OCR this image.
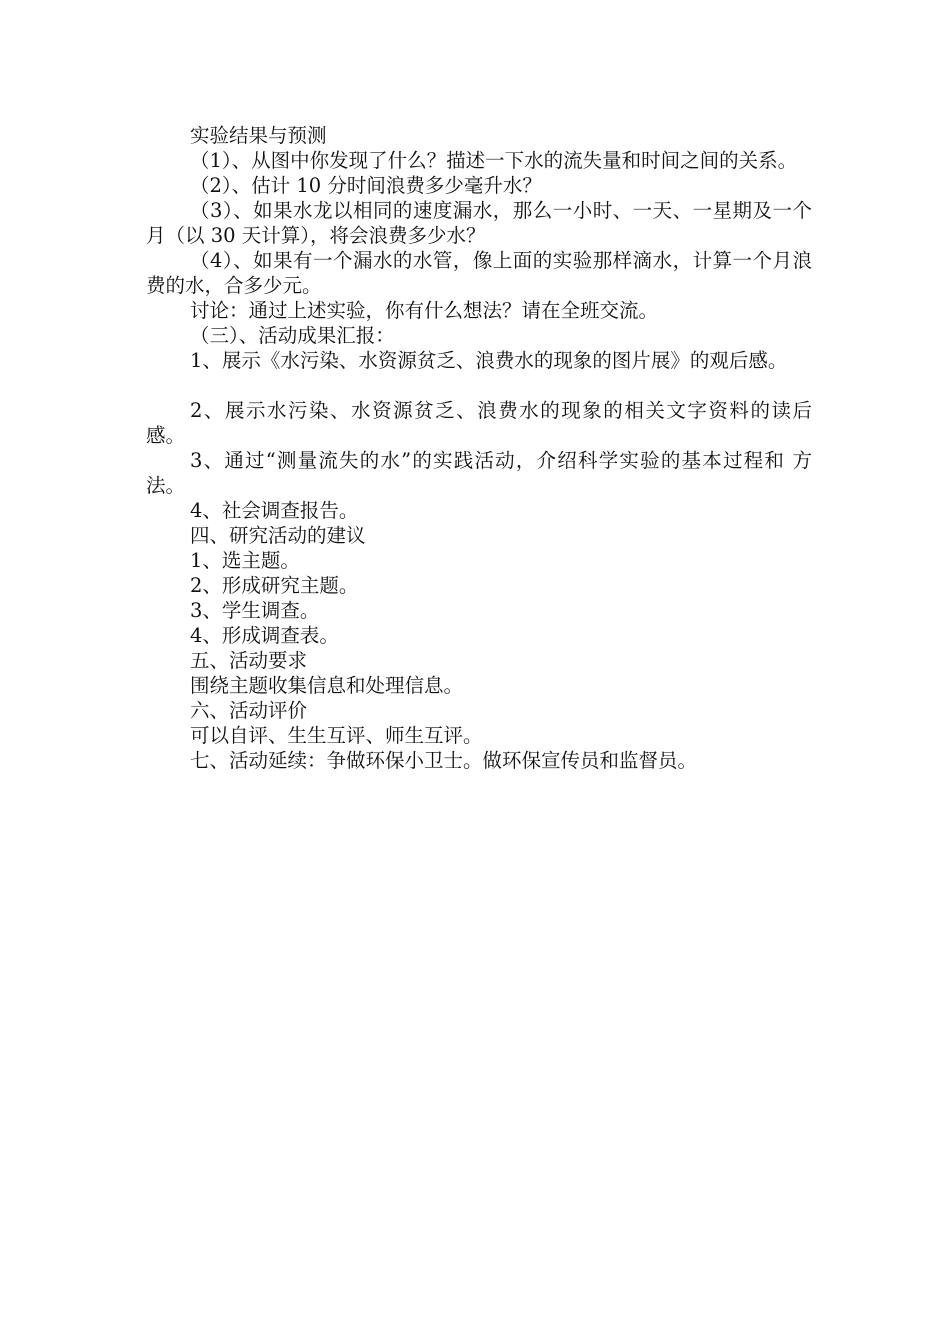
实验结果与预测

（1）、从图中你发现了什么？描述一下水的流失量和时间之间的关系。

（2）、估计 10 分时间浪费多少毫升水？

（3）、如果水龙以相同的速度漏水，那么一小时、一天、一星期及一个月（以 30 天计算），将会浪费多少水？

（4）、如果有一个漏水的水管，像上面的实验那样滴水，计算一个月浪费的水，合多少元。

讨论：通过上述实验，你有什么想法？请在全班交流。

（三）、活动成果汇报：

1、展示《水污染、水资源贫乏、浪费水的现象的图片展》的观后感。

2、展示水污染、水资源贫乏、浪费水的现象的相关文字资料的读后 感。

3、通过“测量流失的水”的实践活动，介绍科学实验的基本过程和 方法。

4、社会调查报告。

四、研究活动的建议

1、选主题。

2、形成研究主题。

3、学生调查。

4、形成调查表。

五、活动要求

围绕主题收集信息和处理信息。

六、活动评价

可以自评、生生互评、师生互评。

七、活动延续：争做环保小卫士。做环保宣传员和监督员。
